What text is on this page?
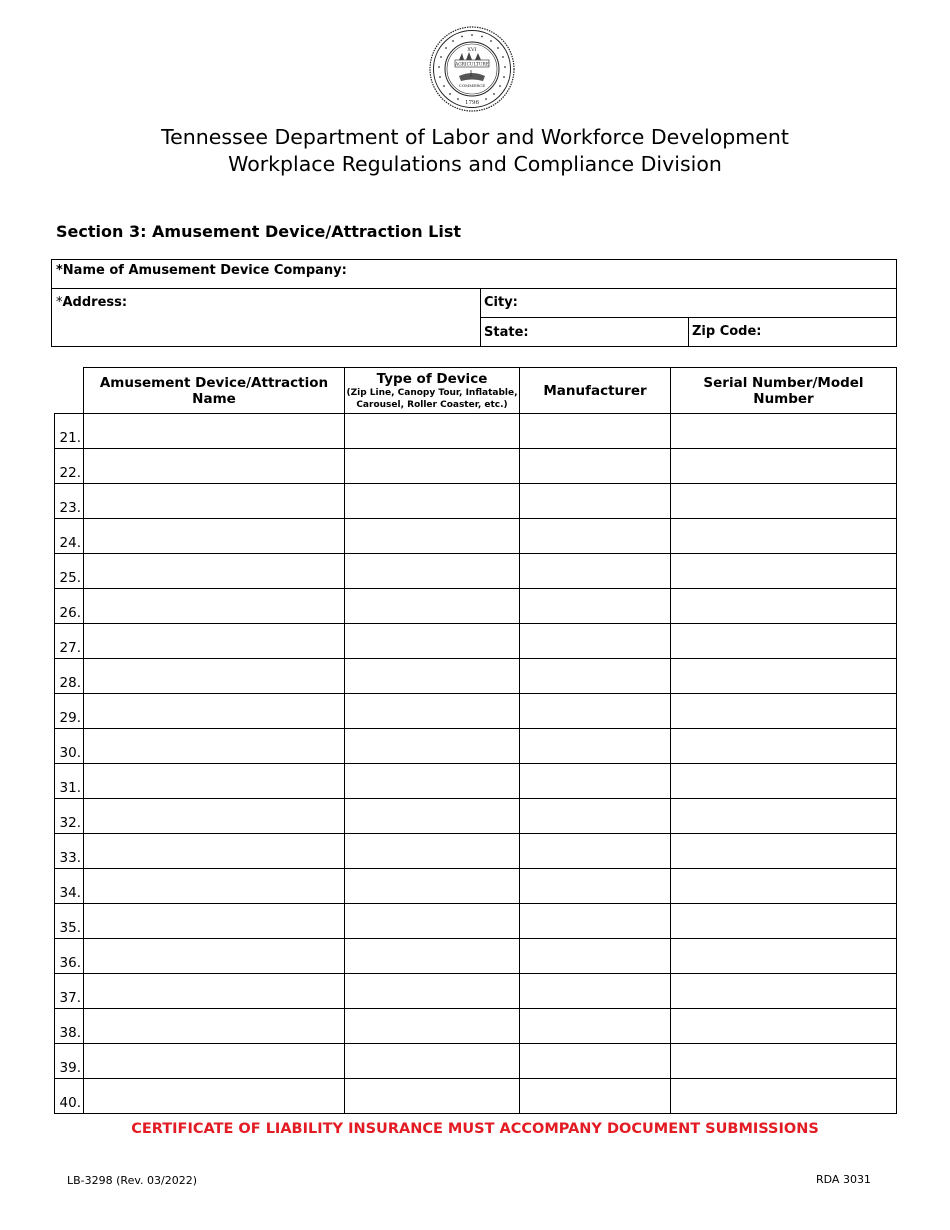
XVI
AGRICULTURE
COMMERCE
1796
Tennessee Department of Labor and Workforce Development
Workplace Regulations and Compliance Division
Section 3: Amusement Device/Attraction List
*Name of Amusement Device Company:
*Address:	City:
State:	Zip Code:
	Amusement Device/Attraction Name	Type of Device
(Zip Line, Canopy Tour, Inflatable,
Carousel, Roller Coaster, etc.)	Manufacturer	Serial Number/Model Number
21.				
22.				
23.				
24.				
25.				
26.				
27.				
28.				
29.				
30.				
31.				
32.				
33.				
34.				
35.				
36.				
37.				
38.				
39.				
40.				
CERTIFICATE OF LIABILITY INSURANCE MUST ACCOMPANY DOCUMENT SUBMISSIONS
LB-3298 (Rev. 03/2022)	RDA 3031
